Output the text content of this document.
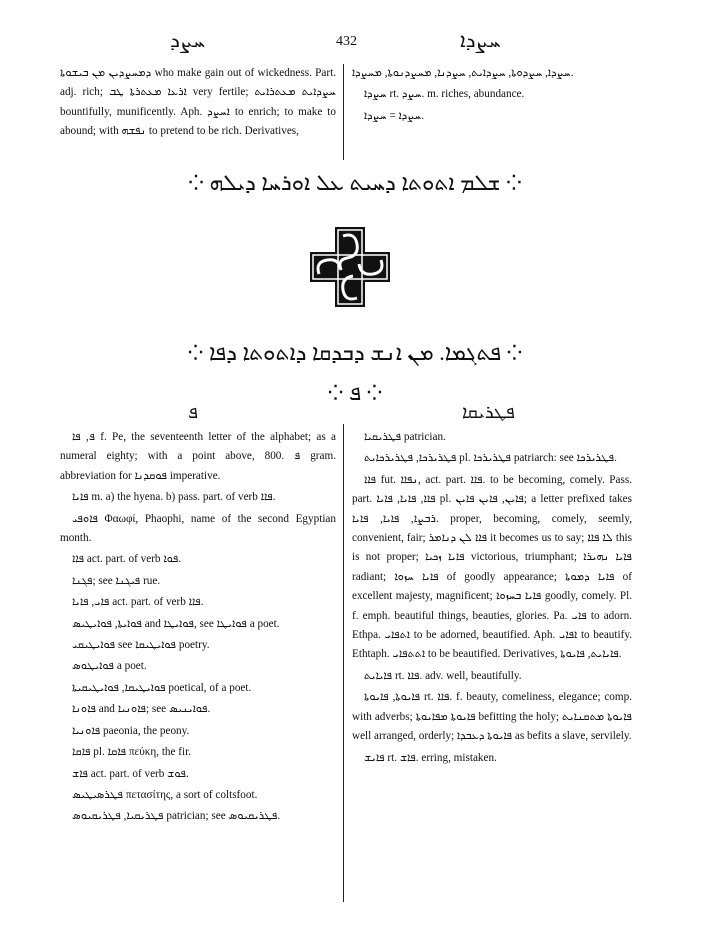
ܚܨܕ	432	ܚܨܕܐ

ܕܡܚܨܕܝܢ ܡܢ ܒܝܫܘܬܐ who make gain out of wickedness. Part. adj. rich; ܐܪܥܐ ܡܥܬܪܬܐ ܛܒ very fertile; ܚܨܕܐܝܬ ܡܥܬܪܐܝܬ bountifully, munificently. Aph. ܐܚܨܕ to enrich; to make to abound; with ܢܦܫܗ to pretend to be rich. Derivatives,

ܚܨܕܐ, ܚܨܕܘܬܐ, ܚܨܕܐܝܬ, ܚܨܕܢܐ, ܡܚܨܕܢܘܬܐ, ܡܚܨܕܐ.

ܚܨܕܐ rt. ܚܨܕ. m. riches, abundance.

ܚܨܕܐ = ܚܨܕܐ.

⁘ ܫܠܡ ܐܬܘܬܐ ܕܚܝܬ ܥܠ ܐܘܪܚܐ ܕܝܠܗ ⁘
⁘ ܦܬܓܡܐ. ܡܢ ܐܢܫ ܕܒܕܩܐ ܕܐܬܘܬܐ ܕܦܐ ⁘
⁘ ܦ ⁘
ܦ	ܦܛܪܝܩܐ

ܦ, ܦܐ f. Pe, the seventeenth letter of the alphabet; as a numeral eighty; with a point above, 800. ܦ gram. abbreviation for ܦܘܩܕܢܐ imperative.

ܦܐܝܐ m. a) the hyena. b) pass. part. of verb ܦܐܐ.

ܦܐܘܦܝ Φαωφί, Phaophi, name of the second Egyptian month.

ܦܐܐ act. part. of verb ܦܘܐ.

ܦܓܢܐ; see ܦܝܓܢܐ rue.

ܦܐܝ, ܦܐܝܐ act. part. of verb ܦܐܐ.

ܦܘܐܝܬܐ, ܦܘܐܝܛܝܣ and ܦܘܐܝܛܐ, see ܦܘܐܝܛܐ a poet.

ܦܘܐܝܛܝܩܝ see ܦܘܐܝܛܝܩܐ poetry.

ܦܘܐܝܛܘܣ a poet.

ܦܘܐܝܛܝܩܐ, ܦܘܐܝܛܝܩܝܬܐ poetical, of a poet.

ܦܐܘܢܐ and ܦܐܘܢܝܐ; see ܦܘܐܝܢܝܣ.

ܦܐܘܢܝܐ paeonia, the peony.

ܦܐܩܐ pl. ܦܐܩܐ πεύκη, the fir.

ܦܐܫ act. part. of verb ܦܘܫ.

ܦܛܪܣܝܛܝܣ πετασίτης, a sort of coltsfoot.

ܦܛܪܝܩܝܐ, ܦܛܪܝܩܝܘܣ patrician; see ܦܛܪܝܩܝܘܣ.

ܦܛܪܝܩܝܐ patrician.

ܦܛܪܝܪܟܐ, ܦܛܪܝܪܟܐܝܬ pl. ܦܛܪܝܪܟܐ patriarch: see ܦܛܪܝܪܟܐ.

ܦܐܐ fut. ܢܦܐܐ, act. part. ܦܐܐ. to be becoming, comely. Pass. part. ܦܐܐ, ܦܐܝܐ, ܦܐܝܐ pl. ܦܐܝܢ, ܦܐܝܢ ܦܐܝܢ; a letter prefixed takes ܪܒܨܐ, ܦܐܝܐ, ܦܐܝܐ. proper, becoming, comely, seemly, convenient, fair; ܦܐܐ ܠܢ ܕܢܐܡܪ it becomes us to say; ܠܐ ܦܐܐ this is not proper; ܦܐܝܐ ܙܟܝܐ victorious, triumphant; ܦܐܝܐ ܢܗܝܪܐ radiant; ܦܐܝܐ ܚܙܘܐ of goodly appearance; ܦܐܝܐ ܕܡܘܬܐ of excellent majesty, magnificent; ܦܐܝܐ ܒܚܙܘܐ goodly, comely. Pl. f. emph. beautiful things, beauties, glories. Pa. ܦܐܝ to adorn. Ethpa. ܐܬܦܐܝ to be adorned, beautified. Aph. ܐܦܐܝ to beautify. Ethtaph. ܐܬܬܦܐܝ to be beautified. Derivatives, ܦܐܝܐܝܬ, ܦܐܝܘܬܐ.

ܦܐܝܐܝܬ rt. ܦܐܐ. adv. well, beautifully.

ܦܐܝܘܬܐ, ܦܐܝܘܬܐ rt. ܦܐܐ. f. beauty, comeliness, elegance; comp. with adverbs; ܦܐܝܘܬܐ ܡܦܐܝܘܬܐ befitting the holy; ܦܐܝܘܬܐ ܡܬܩܢܐܝܬ well arranged, orderly; ܦܐܝܘܬܐ ܕܥܒܕܐ as befits a slave, servilely.

ܦܐܝܫ rt. ܦܐܫ. erring, mistaken.
